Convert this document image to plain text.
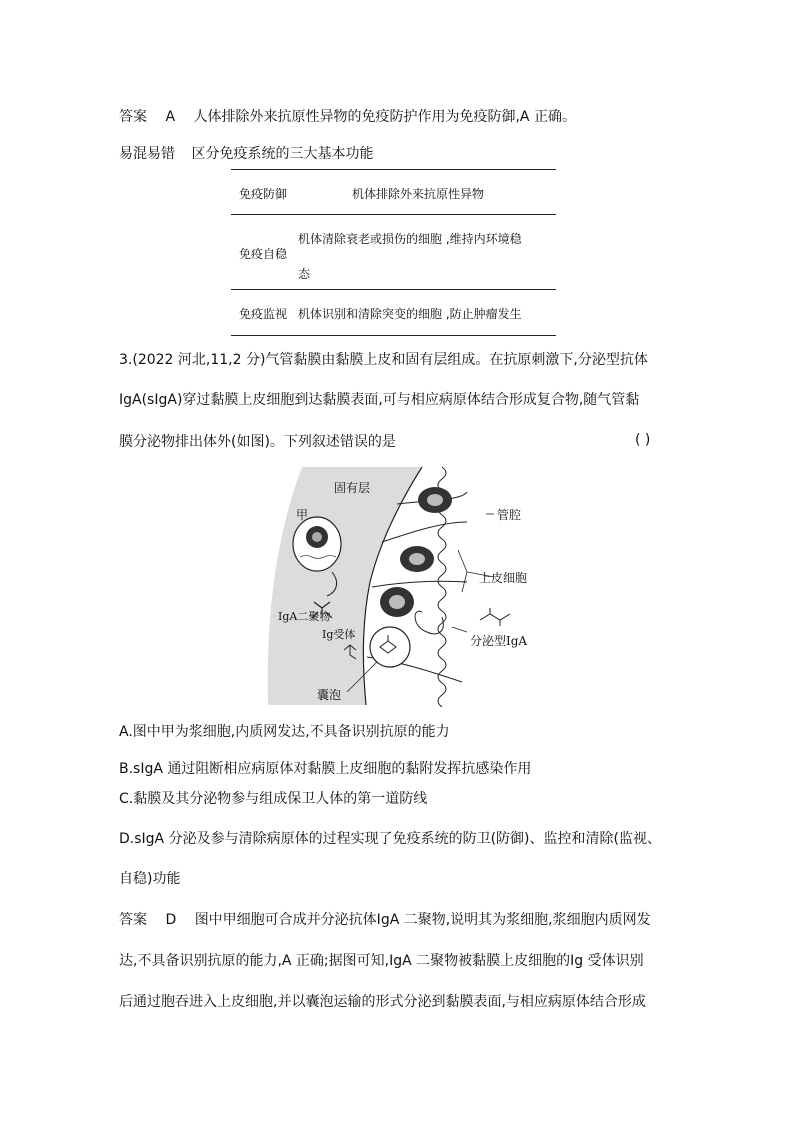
答案 A 人体排除外来抗原性异物的免疫防护作用为免疫防御,A 正确。
易混易错 区分免疫系统的三大基本功能
免疫防御	机体排除外来抗原性异物
免疫自稳
机体清除衰老或损伤的细胞 ,维持内环境稳
态
免疫监视 机体识别和清除突变的细胞 ,防止肿瘤发生
3.(2022 河北,11,2 分)气管黏膜由黏膜上皮和固有层组成。在抗原刺激下,分泌型抗体
IgA(sIgA)穿过黏膜上皮细胞到达黏膜表面,可与相应病原体结合形成复合物,随气管黏
膜分泌物排出体外(如图)。下列叙述错误的是	( )
固有层
甲
IgA二聚物
Ig受体
囊泡
管腔
上皮细胞
分泌型IgA
A.图中甲为浆细胞,内质网发达,不具备识别抗原的能力
B.sIgA 通过阻断相应病原体对黏膜上皮细胞的黏附发挥抗感染作用
C.黏膜及其分泌物参与组成保卫人体的第一道防线
D.sIgA 分泌及参与清除病原体的过程实现了免疫系统的防卫(防御)、监控和清除(监视、
自稳)功能
答案 D 图中甲细胞可合成并分泌抗体IgA 二聚物,说明其为浆细胞,浆细胞内质网发
达,不具备识别抗原的能力,A 正确;据图可知,IgA 二聚物被黏膜上皮细胞的Ig 受体识别
后通过胞吞进入上皮细胞,并以囊泡运输的形式分泌到黏膜表面,与相应病原体结合形成
